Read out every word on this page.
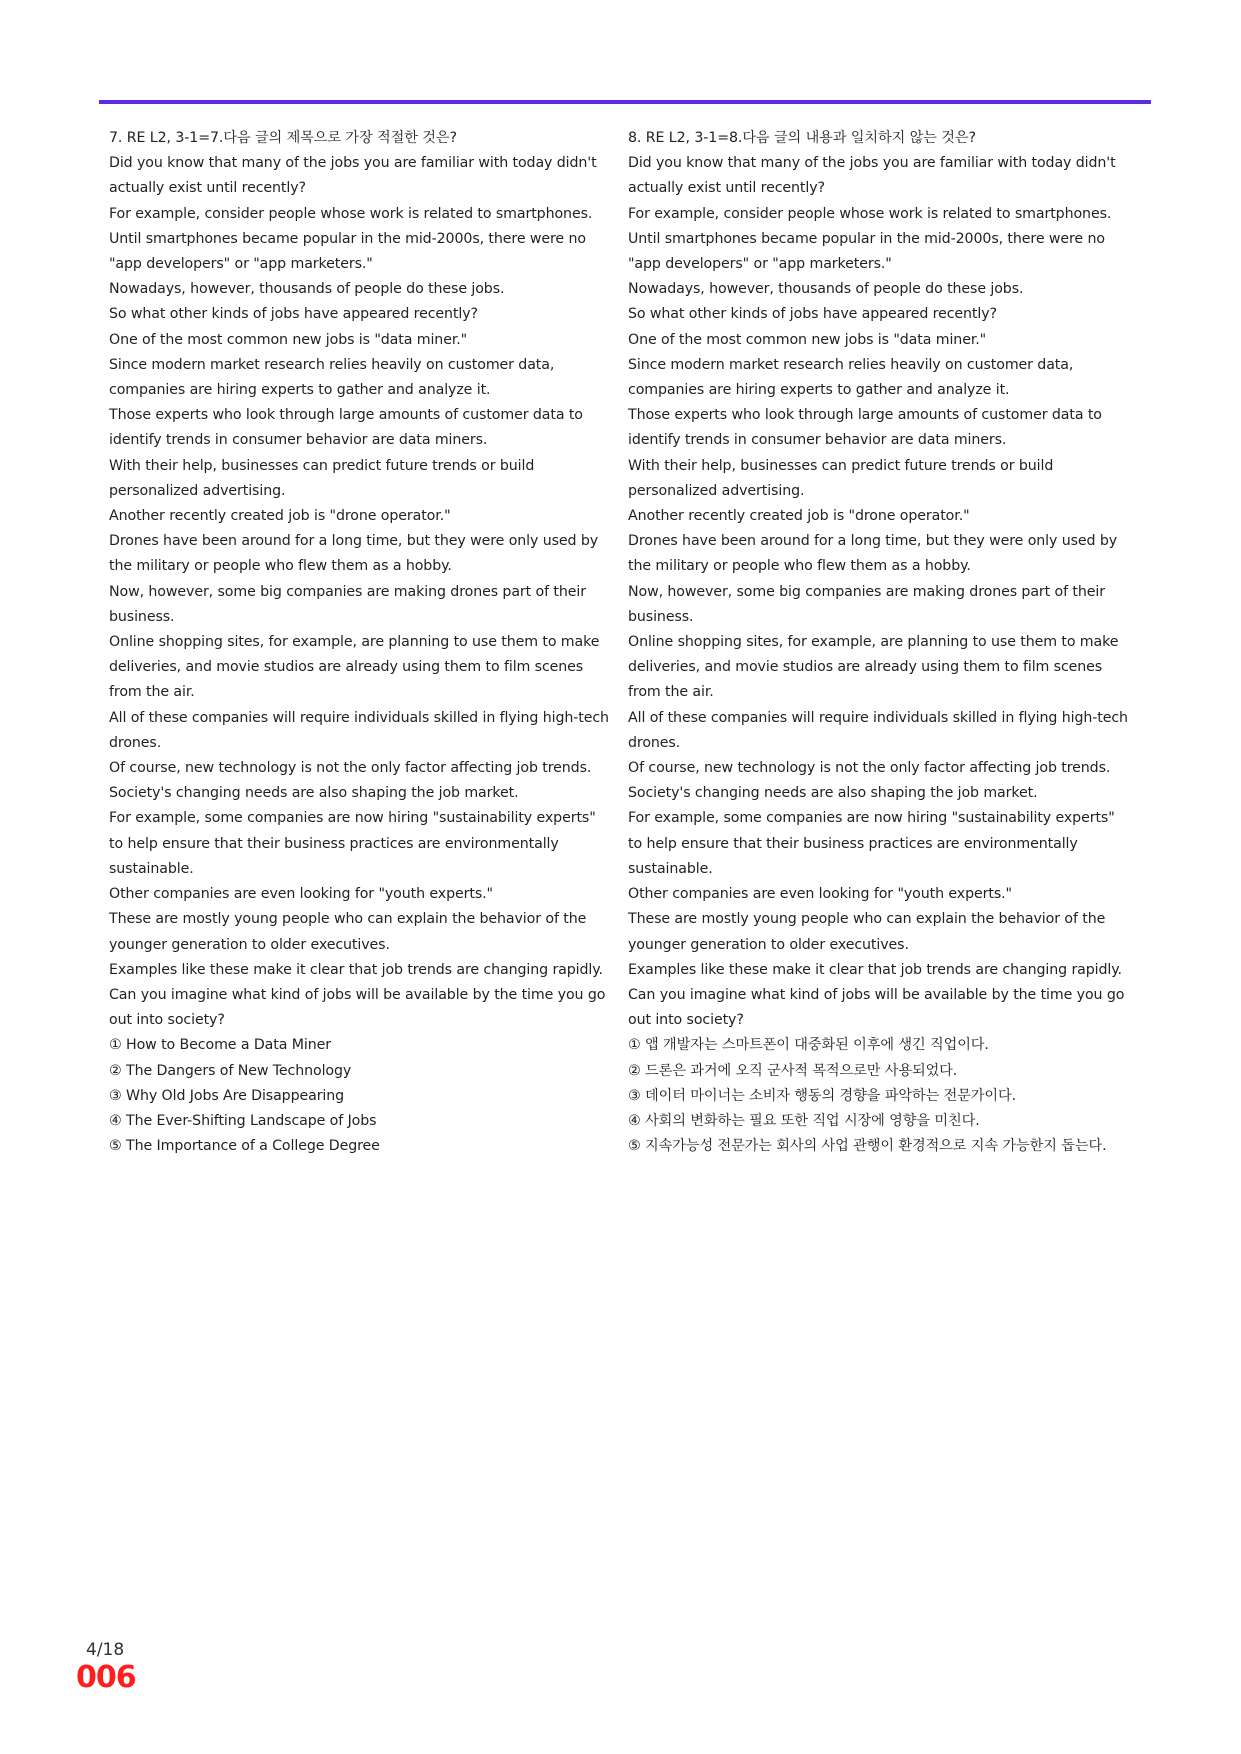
7. RE L2, 3-1=7.다음 글의 제목으로 가장 적절한 것은?

Did you know that many of the jobs you are familiar with today didn't actually exist until recently?

For example, consider people whose work is related to smartphones.

Until smartphones became popular in the mid-2000s, there were no "app developers" or "app marketers."

Nowadays, however, thousands of people do these jobs.

So what other kinds of jobs have appeared recently?

One of the most common new jobs is "data miner."

Since modern market research relies heavily on customer data, companies are hiring experts to gather and analyze it.

Those experts who look through large amounts of customer data to identify trends in consumer behavior are data miners.

With their help, businesses can predict future trends or build personalized advertising.

Another recently created job is "drone operator."

Drones have been around for a long time, but they were only used by the military or people who flew them as a hobby.

Now, however, some big companies are making drones part of their business.

Online shopping sites, for example, are planning to use them to make deliveries, and movie studios are already using them to film scenes from the air.

All of these companies will require individuals skilled in flying high-tech drones.

Of course, new technology is not the only factor affecting job trends.

Society's changing needs are also shaping the job market.

For example, some companies are now hiring "sustainability experts" to help ensure that their business practices are environmentally sustainable.

Other companies are even looking for "youth experts."

These are mostly young people who can explain the behavior of the younger generation to older executives.

Examples like these make it clear that job trends are changing rapidly.

Can you imagine what kind of jobs will be available by the time you go out into society?

① How to Become a Data Miner

② The Dangers of New Technology

③ Why Old Jobs Are Disappearing

④ The Ever-Shifting Landscape of Jobs

⑤ The Importance of a College Degree

8. RE L2, 3-1=8.다음 글의 내용과 일치하지 않는 것은?

Did you know that many of the jobs you are familiar with today didn't actually exist until recently?

For example, consider people whose work is related to smartphones.

Until smartphones became popular in the mid-2000s, there were no "app developers" or "app marketers."

Nowadays, however, thousands of people do these jobs.

So what other kinds of jobs have appeared recently?

One of the most common new jobs is "data miner."

Since modern market research relies heavily on customer data, companies are hiring experts to gather and analyze it.

Those experts who look through large amounts of customer data to identify trends in consumer behavior are data miners.

With their help, businesses can predict future trends or build personalized advertising.

Another recently created job is "drone operator."

Drones have been around for a long time, but they were only used by the military or people who flew them as a hobby.

Now, however, some big companies are making drones part of their business.

Online shopping sites, for example, are planning to use them to make deliveries, and movie studios are already using them to film scenes from the air.

All of these companies will require individuals skilled in flying high-tech drones.

Of course, new technology is not the only factor affecting job trends.

Society's changing needs are also shaping the job market.

For example, some companies are now hiring "sustainability experts" to help ensure that their business practices are environmentally sustainable.

Other companies are even looking for "youth experts."

These are mostly young people who can explain the behavior of the younger generation to older executives.

Examples like these make it clear that job trends are changing rapidly.

Can you imagine what kind of jobs will be available by the time you go out into society?

① 앱 개발자는 스마트폰이 대중화된 이후에 생긴 직업이다.

② 드론은 과거에 오직 군사적 목적으로만 사용되었다.

③ 데이터 마이너는 소비자 행동의 경향을 파악하는 전문가이다.

④ 사회의 변화하는 필요 또한 직업 시장에 영향을 미친다.

⑤ 지속가능성 전문가는 회사의 사업 관행이 환경적으로 지속 가능한지 돕는다.

4/18
006
